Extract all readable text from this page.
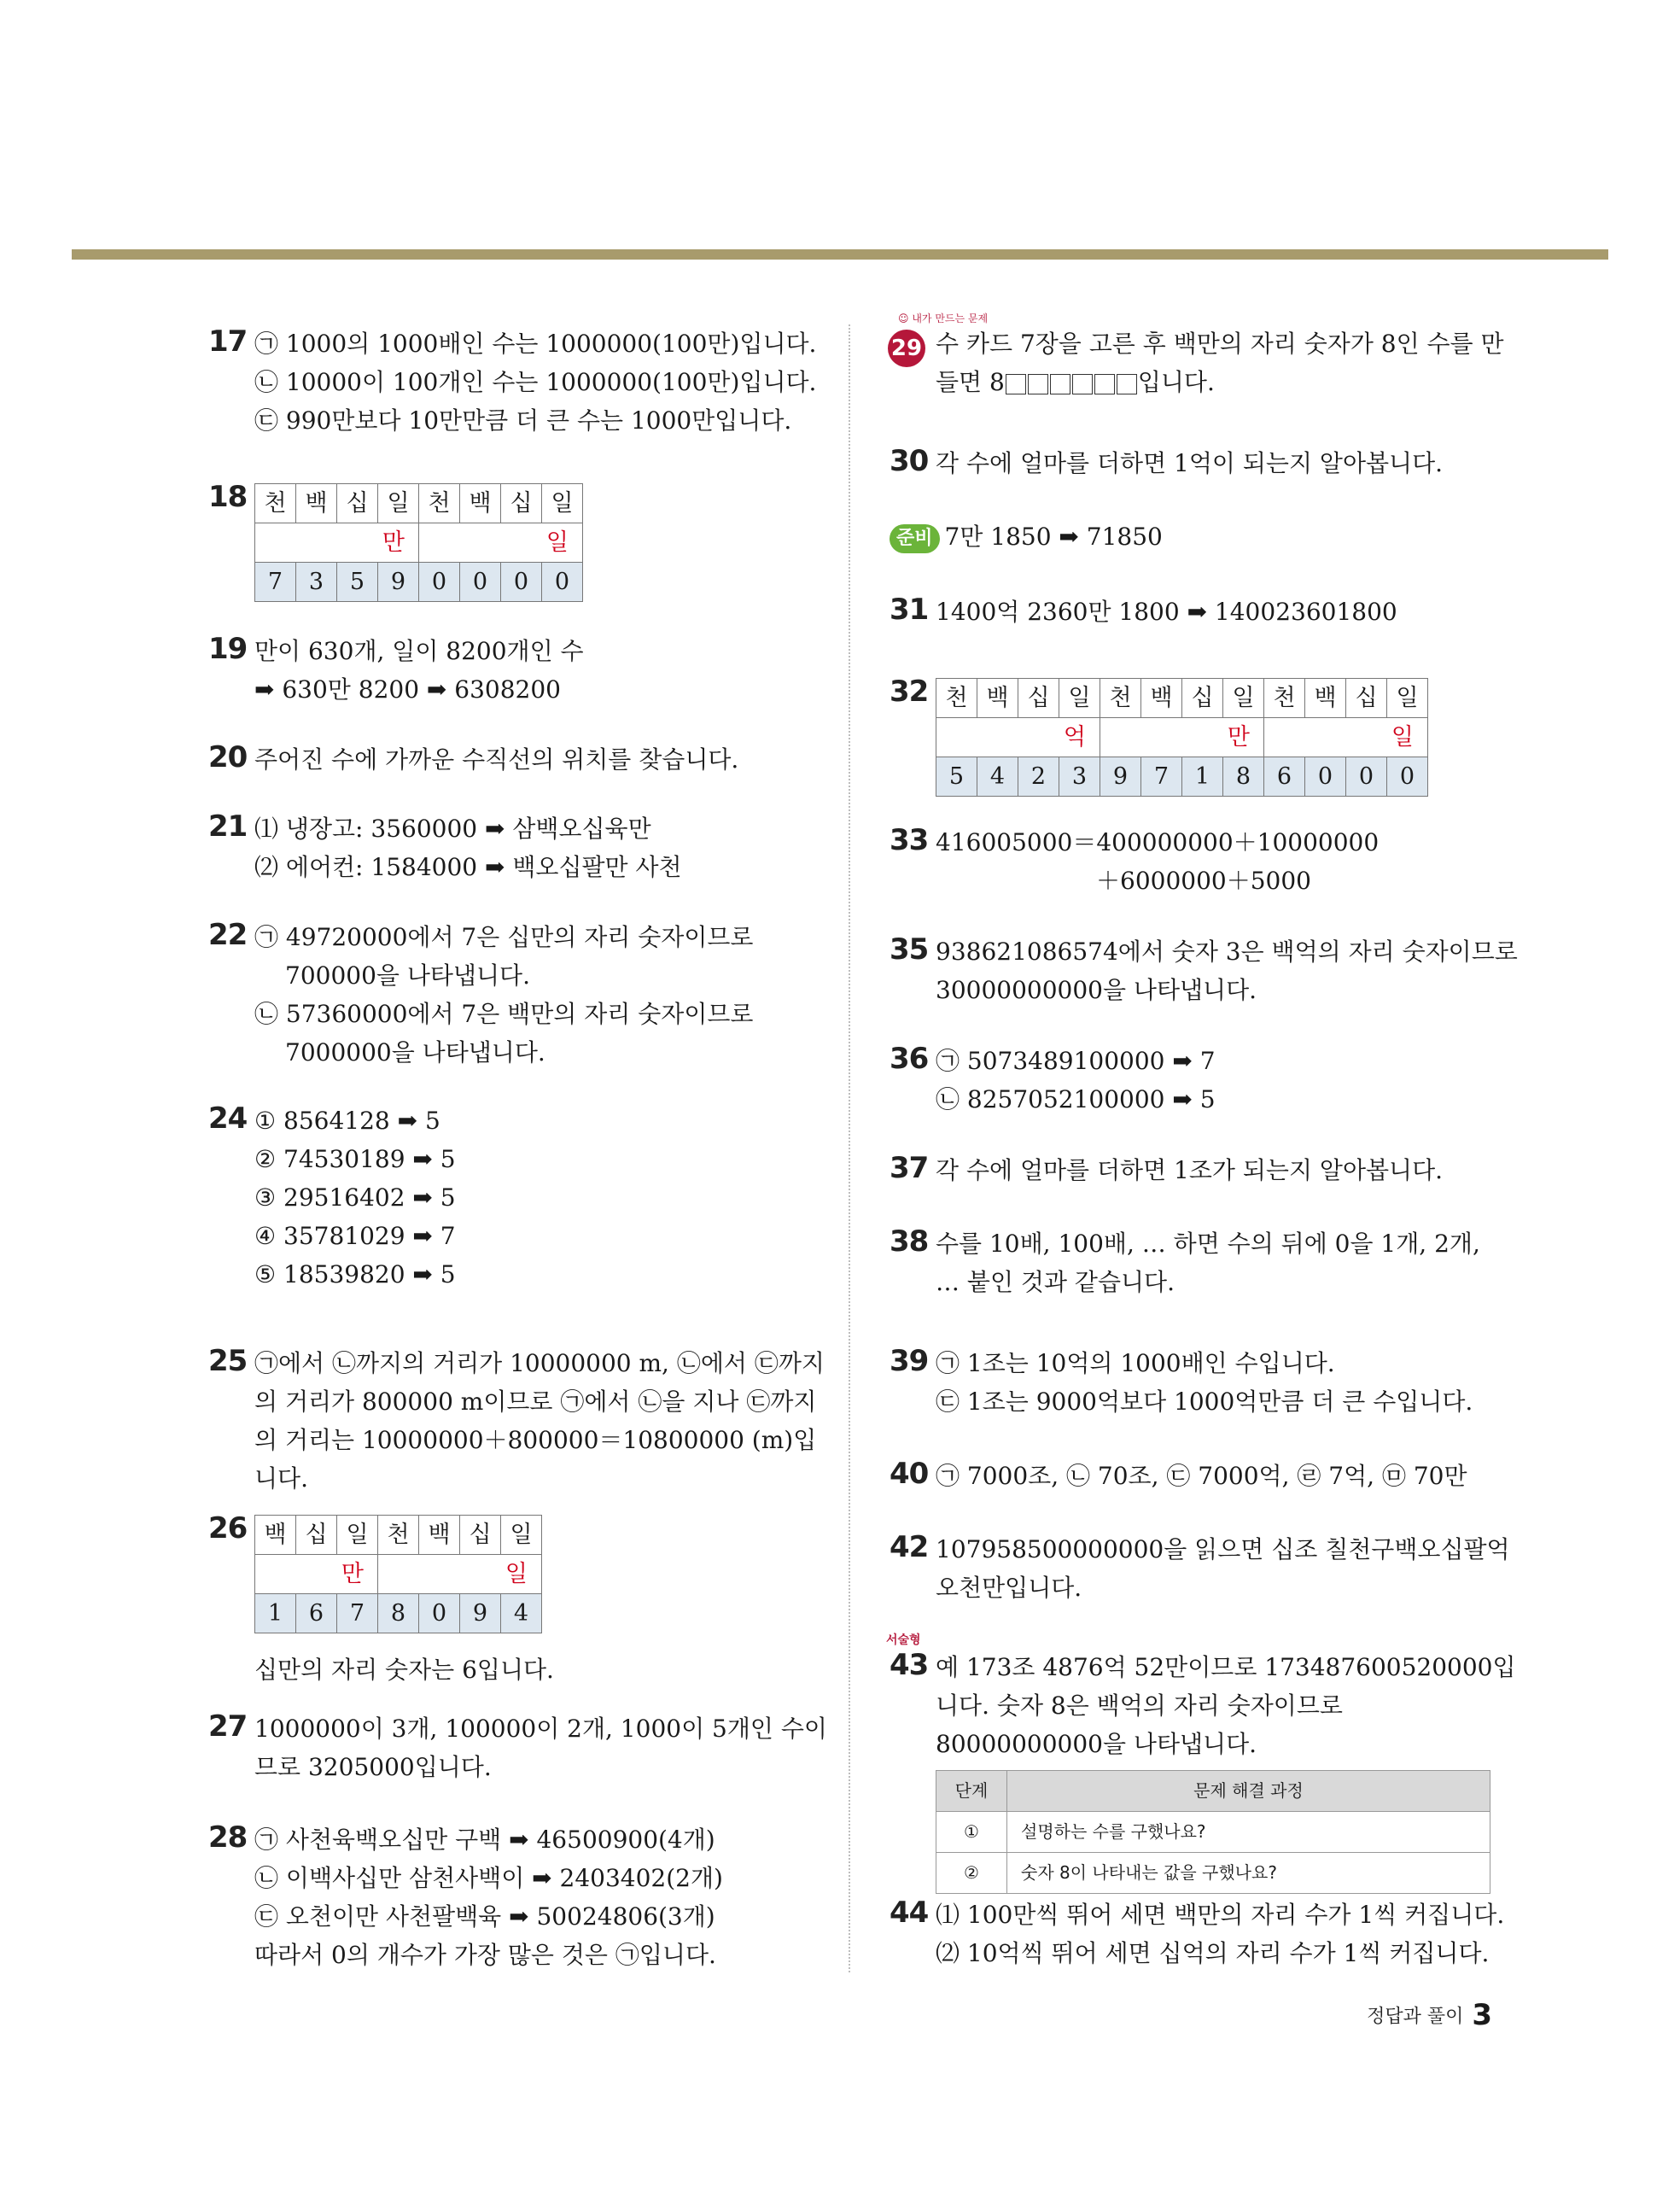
17 ㉠ 1000의 1000배인 수는 1000000(100만)입니다.
㉡ 10000이 100개인 수는 1000000(100만)입니다.
㉢ 990만보다 10만만큼 더 큰 수는 1000만입니다.
18 천	백	십	일	천	백	십	일
만				일			
7	3	5	9	0	0	0	0
19 만이 630개, 일이 8200개인 수
➡ 630만 8200 ➡ 6308200
20 주어진 수에 가까운 수직선의 위치를 찾습니다.
21 ⑴ 냉장고: 3560000 ➡ 삼백오십육만
⑵ 에어컨: 1584000 ➡ 백오십팔만 사천
22 ㉠ 49720000에서 7은 십만의 자리 숫자이므로
700000을 나타냅니다.
㉡ 57360000에서 7은 백만의 자리 숫자이므로
7000000을 나타냅니다.
24 ① 8564128 ➡ 5
② 74530189 ➡ 5
③ 29516402 ➡ 5
④ 35781029 ➡ 7
⑤ 18539820 ➡ 5
25 ㉠에서 ㉡까지의 거리가 10000000 m, ㉡에서 ㉢까지
의 거리가 800000 m이므로 ㉠에서 ㉡을 지나 ㉢까지
의 거리는 10000000＋800000＝10800000 (m)입
니다.
26 백	십	일	천	백	십	일
만			일			
1	6	7	8	0	9	4
십만의 자리 숫자는 6입니다.
27 1000000이 3개, 100000이 2개, 1000이 5개인 수이
므로 3205000입니다.
28 ㉠ 사천육백오십만 구백 ➡ 46500900(4개)
㉡ 이백사십만 삼천사백이 ➡ 2403402(2개)
㉢ 오천이만 사천팔백육 ➡ 50024806(3개)
따라서 0의 개수가 가장 많은 것은 ㉠입니다.
☺ 내가 만드는 문제
29 수 카드 7장을 고른 후 백만의 자리 숫자가 8인 수를 만
들면 8	입니다.
30 각 수에 얼마를 더하면 1억이 되는지 알아봅니다.
준비 7만 1850 ➡ 71850
31 1400억 2360만 1800 ➡ 140023601800
32 천	백	십	일	천	백	십	일	천	백	십	일
억				만				일			
5	4	2	3	9	7	1	8	6	0	0	0
33 416005000＝400000000＋10000000
＋6000000＋5000
35 938621086574에서 숫자 3은 백억의 자리 숫자이므로
30000000000을 나타냅니다.
36 ㉠ 5073489100000 ➡ 7
㉡ 8257052100000 ➡ 5
37 각 수에 얼마를 더하면 1조가 되는지 알아봅니다.
38 수를 10배, 100배, … 하면 수의 뒤에 0을 1개, 2개,
… 붙인 것과 같습니다.
39 ㉠ 1조는 10억의 1000배인 수입니다.
㉢ 1조는 9000억보다 1000억만큼 더 큰 수입니다.
40 ㉠ 7000조, ㉡ 70조, ㉢ 7000억, ㉣ 7억, ㉤ 70만
42 107958500000000을 읽으면 십조 칠천구백오십팔억
오천만입니다.
서술형
43 예 173조 4876억 52만이므로 173487600520000입
니다. 숫자 8은 백억의 자리 숫자이므로
80000000000을 나타냅니다.
단계	문제 해결 과정
①	설명하는 수를 구했나요?
②	숫자 8이 나타내는 값을 구했나요?
44 ⑴ 100만씩 뛰어 세면 백만의 자리 수가 1씩 커집니다.
⑵ 10억씩 뛰어 세면 십억의 자리 수가 1씩 커집니다.
정답과 풀이 3
